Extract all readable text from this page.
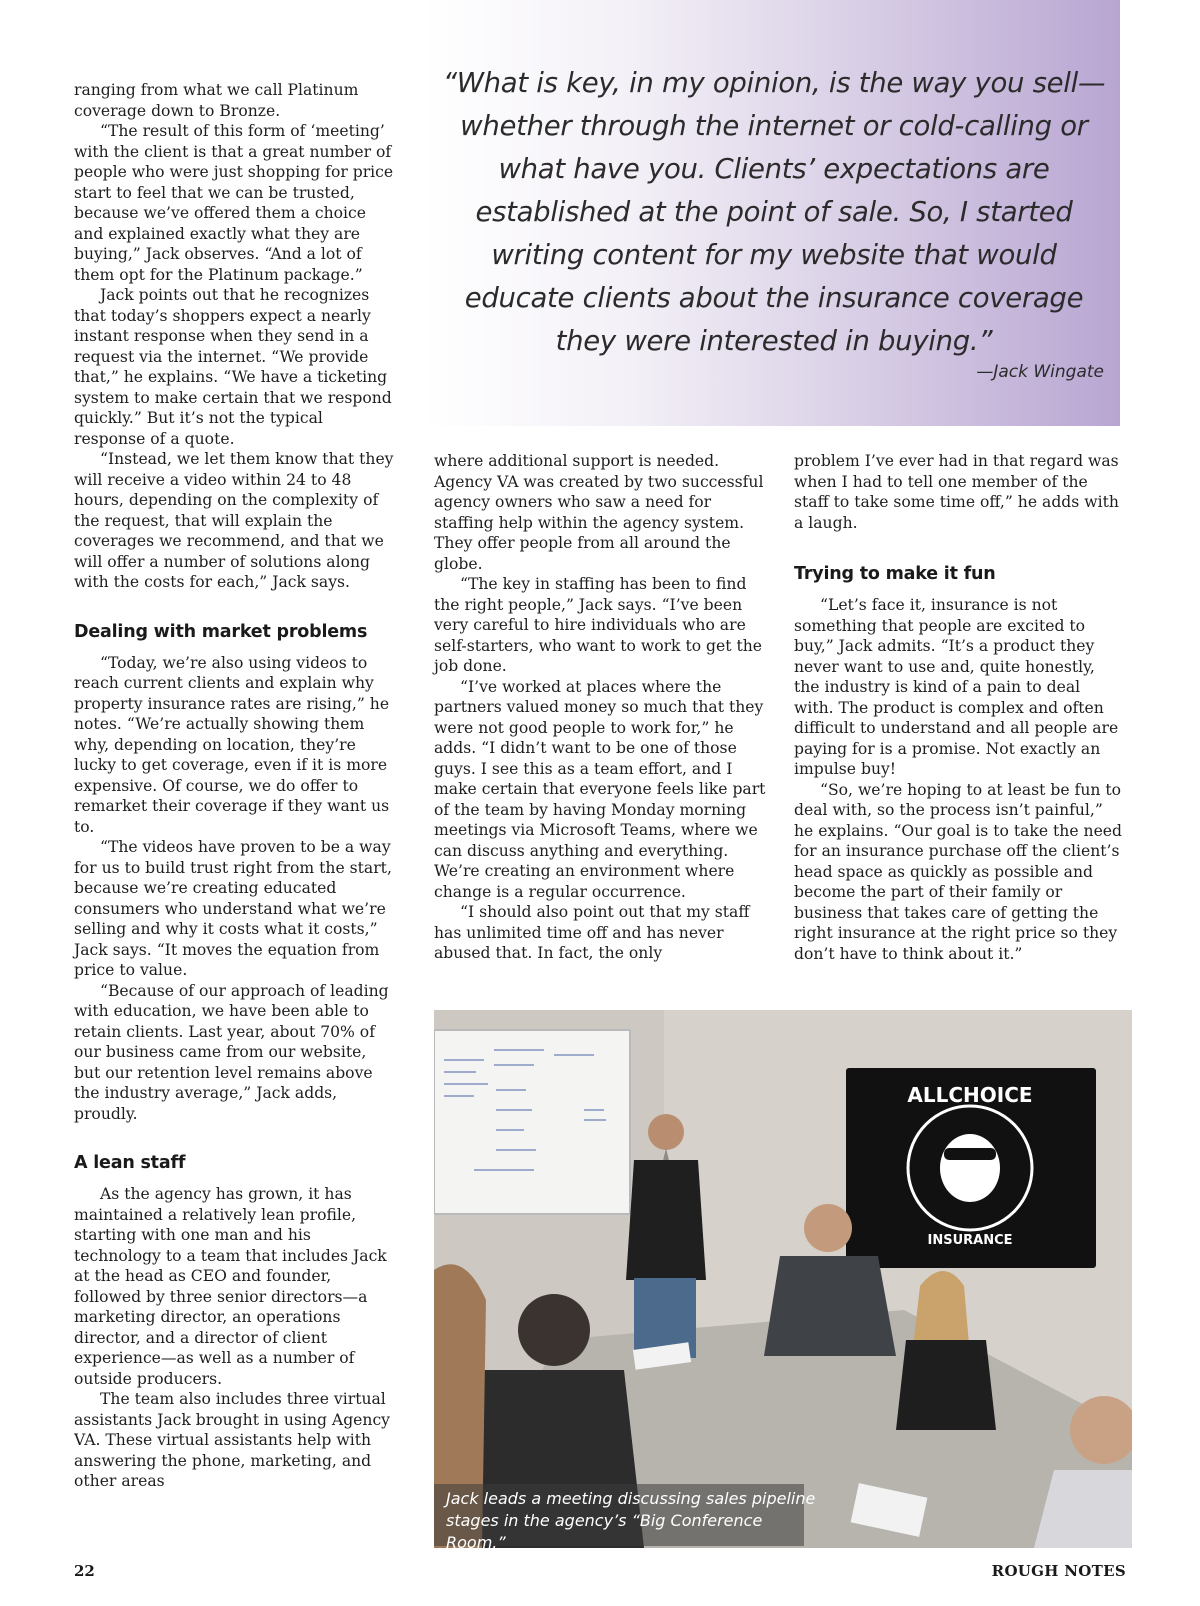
“What is key, in my opinion, is the way you sell—whether through the internet or cold-calling or what have you. Clients’ expectations are established at the point of sale. So, I started writing content for my website that would educate clients about the insurance coverage they were interested in buying.”

—Jack Wingate

ranging from what we call Platinum coverage down to Bronze.

“The result of this form of ‘meeting’ with the client is that a great number of people who were just shopping for price start to feel that we can be trusted, because we’ve offered them a choice and explained exactly what they are buying,” Jack observes. “And a lot of them opt for the Platinum package.”

Jack points out that he recognizes that today’s shoppers expect a nearly instant response when they send in a request via the internet. “We provide that,” he explains. “We have a ticketing system to make certain that we respond quickly.” But it’s not the typical response of a quote.

“Instead, we let them know that they will receive a video within 24 to 48 hours, depending on the complexity of the request, that will explain the coverages we recommend, and that we will offer a number of solutions along with the costs for each,” Jack says.

Dealing with market problems

“Today, we’re also using videos to reach current clients and explain why property insurance rates are rising,” he notes. “We’re actually showing them why, depending on location, they’re lucky to get coverage, even if it is more expensive. Of course, we do offer to remarket their coverage if they want us to.

“The videos have proven to be a way for us to build trust right from the start, because we’re creating educated consumers who understand what we’re selling and why it costs what it costs,” Jack says. “It moves the equation from price to value.

“Because of our approach of leading with education, we have been able to retain clients. Last year, about 70% of our business came from our website, but our retention level remains above the industry average,” Jack adds, proudly.

A lean staff

As the agency has grown, it has maintained a relatively lean profile, starting with one man and his technology to a team that includes Jack at the head as CEO and founder, followed by three senior directors—a marketing director, an operations director, and a director of client experience—as well as a number of outside producers.

The team also includes three virtual assistants Jack brought in using Agency VA. These virtual assistants help with answering the phone, marketing, and other areas

where additional support is needed. Agency VA was created by two successful agency owners who saw a need for staffing help within the agency system. They offer people from all around the globe.

“The key in staffing has been to find the right people,” Jack says. “I’ve been very careful to hire individuals who are self-starters, who want to work to get the job done.

“I’ve worked at places where the partners valued money so much that they were not good people to work for,” he adds. “I didn’t want to be one of those guys. I see this as a team effort, and I make certain that everyone feels like part of the team by having Monday morning meetings via Microsoft Teams, where we can discuss anything and everything. We’re creating an environment where change is a regular occurrence.

“I should also point out that my staff has unlimited time off and has never abused that. In fact, the only

problem I’ve ever had in that regard was when I had to tell one member of the staff to take some time off,” he adds with a laugh.

Trying to make it fun

“Let’s face it, insurance is not something that people are excited to buy,” Jack admits. “It’s a product they never want to use and, quite honestly, the industry is kind of a pain to deal with. The product is complex and often difficult to understand and all people are paying for is a promise. Not exactly an impulse buy!

“So, we’re hoping to at least be fun to deal with, so the process isn’t painful,” he explains. “Our goal is to take the need for an insurance purchase off the client’s head space as quickly as possible and become the part of their family or business that takes care of getting the right insurance at the right price so they don’t have to think about it.”

ALLCHOICE
INSURANCE
Jack leads a meeting discussing sales pipeline stages in the agency’s “Big Conference Room.”
22	ROUGH NOTES
